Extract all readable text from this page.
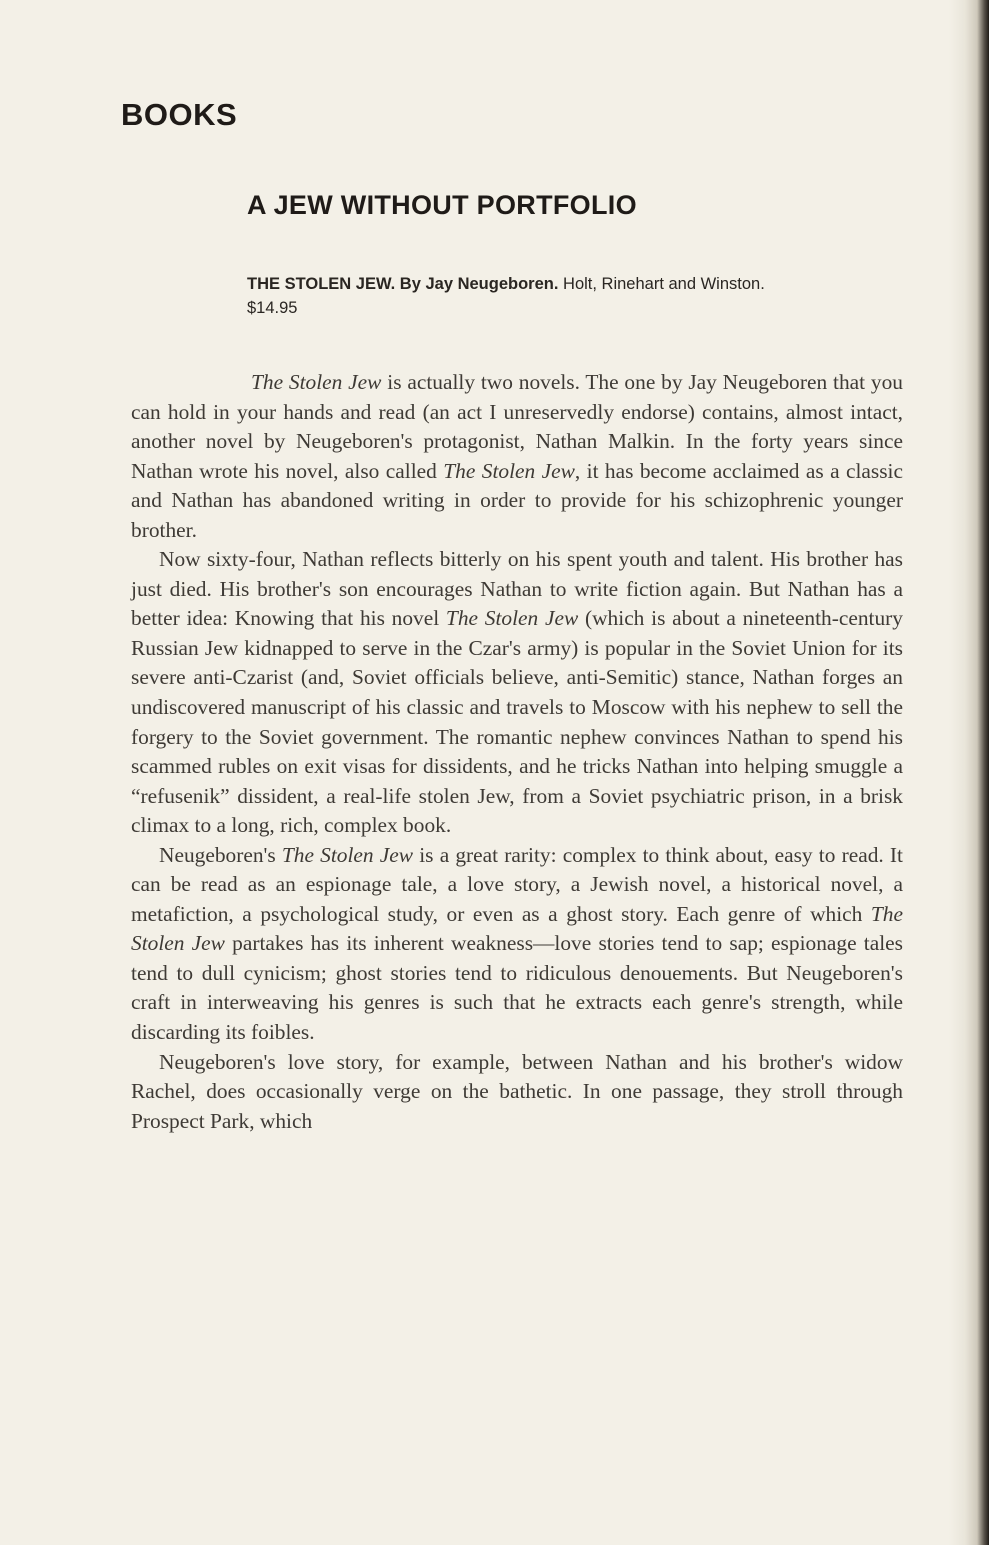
BOOKS
A JEW WITHOUT PORTFOLIO

THE STOLEN JEW. By Jay Neugeboren. Holt, Rinehart and Winston.
$14.95

The Stolen Jew is actually two novels. The one by Jay Neugeboren that you can hold in your hands and read (an act I unreservedly endorse) contains, almost intact, another novel by Neugeboren's protagonist, Nathan Malkin. In the forty years since Nathan wrote his novel, also called The Stolen Jew, it has become acclaimed as a classic and Nathan has abandoned writing in order to provide for his schizophrenic younger brother.

Now sixty-four, Nathan reflects bitterly on his spent youth and talent. His brother has just died. His brother's son encourages Nathan to write fiction again. But Nathan has a better idea: Knowing that his novel The Stolen Jew (which is about a nineteenth-century Russian Jew kidnapped to serve in the Czar's army) is popular in the Soviet Union for its severe anti-Czarist (and, Soviet officials believe, anti-Semitic) stance, Nathan forges an undiscovered manuscript of his classic and travels to Moscow with his nephew to sell the forgery to the Soviet government. The romantic nephew convinces Nathan to spend his scammed rubles on exit visas for dissidents, and he tricks Nathan into helping smuggle a “refusenik” dissident, a real-life stolen Jew, from a Soviet psychiatric prison, in a brisk climax to a long, rich, complex book.

Neugeboren's The Stolen Jew is a great rarity: complex to think about, easy to read. It can be read as an espionage tale, a love story, a Jewish novel, a historical novel, a metafiction, a psychological study, or even as a ghost story. Each genre of which The Stolen Jew partakes has its inherent weakness—love stories tend to sap; espionage tales tend to dull cynicism; ghost stories tend to ridiculous denouements. But Neugeboren's craft in interweaving his genres is such that he extracts each genre's strength, while discarding its foibles.

Neugeboren's love story, for example, between Nathan and his brother's widow Rachel, does occasionally verge on the bathetic. In one passage, they stroll through Prospect Park, which
